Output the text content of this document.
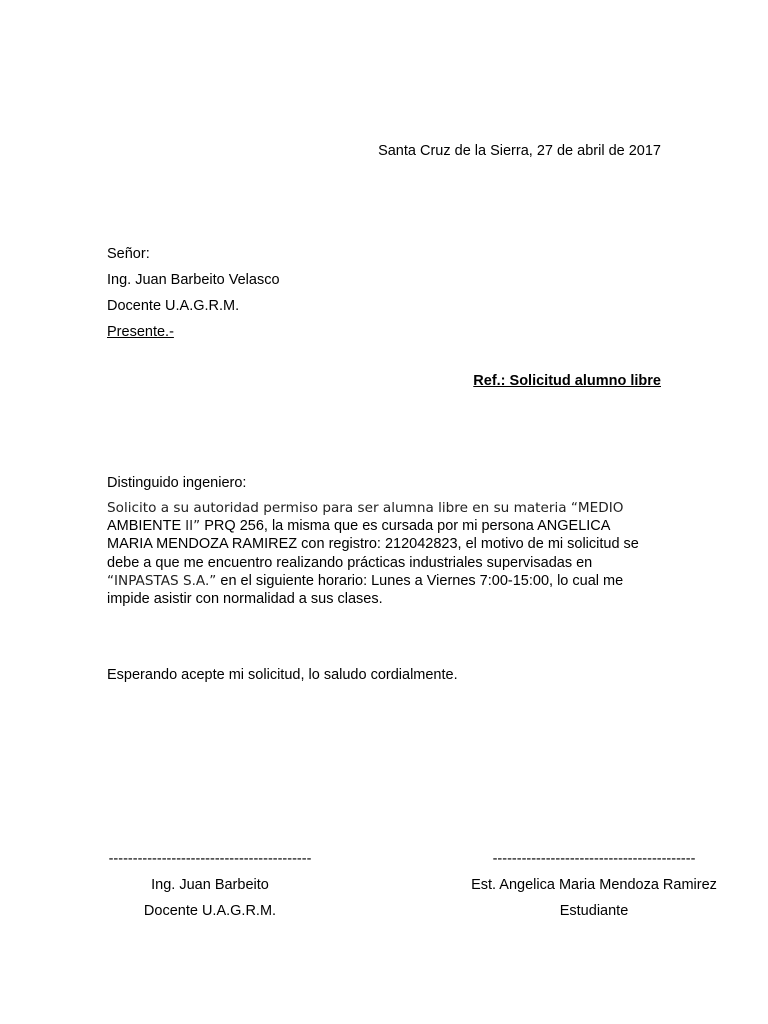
Santa Cruz de la Sierra, 27 de abril de 2017
Señor:
Ing. Juan Barbeito Velasco
Docente U.A.G.R.M.
Presente.-
Ref.: Solicitud alumno libre
Distinguido ingeniero:
Solicito a su autoridad permiso para ser alumna libre en su materia “MEDIO
AMBIENTE II” PRQ 256, la misma que es cursada por mi persona ANGELICA
MARIA MENDOZA RAMIREZ con registro: 212042823, el motivo de mi solicitud se
debe a que me encuentro realizando prácticas industriales supervisadas en
“INPASTAS S.A.” en el siguiente horario: Lunes a Viernes 7:00-15:00, lo cual me
impide asistir con normalidad a sus clases.
Esperando acepte mi solicitud, lo saludo cordialmente.
------------------------------------------
Ing. Juan Barbeito
Docente U.A.G.R.M.
------------------------------------------
Est. Angelica Maria Mendoza Ramirez
Estudiante
